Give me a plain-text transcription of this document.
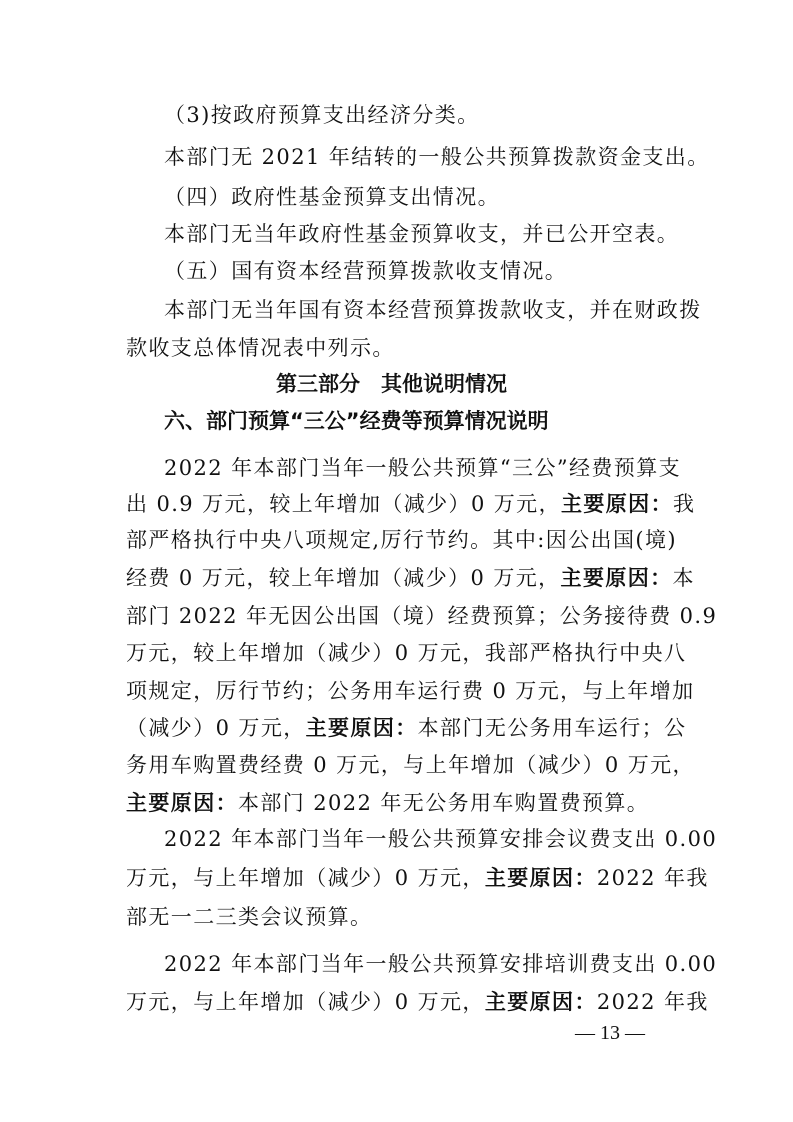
（3)按政府预算支出经济分类。
本部门无 2021 年结转的一般公共预算拨款资金支出。
（四）政府性基金预算支出情况。
本部门无当年政府性基金预算收支，并已公开空表。
（五）国有资本经营预算拨款收支情况。
本部门无当年国有资本经营预算拨款收支，并在财政拨
款收支总体情况表中列示。
第三部分　其他说明情况
六、部门预算“三公”经费等预算情况说明
2022 年本部门当年一般公共预算“三公”经费预算支
出 0.9 万元，较上年增加（减少）0 万元，主要原因：我
部严格执行中央八项规定,厉行节约。其中:因公出国(境)
经费 0 万元，较上年增加（减少）0 万元，主要原因：本
部门 2022 年无因公出国（境）经费预算；公务接待费 0.9
万元，较上年增加（减少）0 万元，我部严格执行中央八
项规定，厉行节约；公务用车运行费 0 万元，与上年增加
（减少）0 万元，主要原因：本部门无公务用车运行；公
务用车购置费经费 0 万元，与上年增加（减少）0 万元，
主要原因：本部门 2022 年无公务用车购置费预算。
2022 年本部门当年一般公共预算安排会议费支出 0.00
万元，与上年增加（减少）0 万元，主要原因：2022 年我
部无一二三类会议预算。
2022 年本部门当年一般公共预算安排培训费支出 0.00
万元，与上年增加（减少）0 万元，主要原因：2022 年我
— 13 —
